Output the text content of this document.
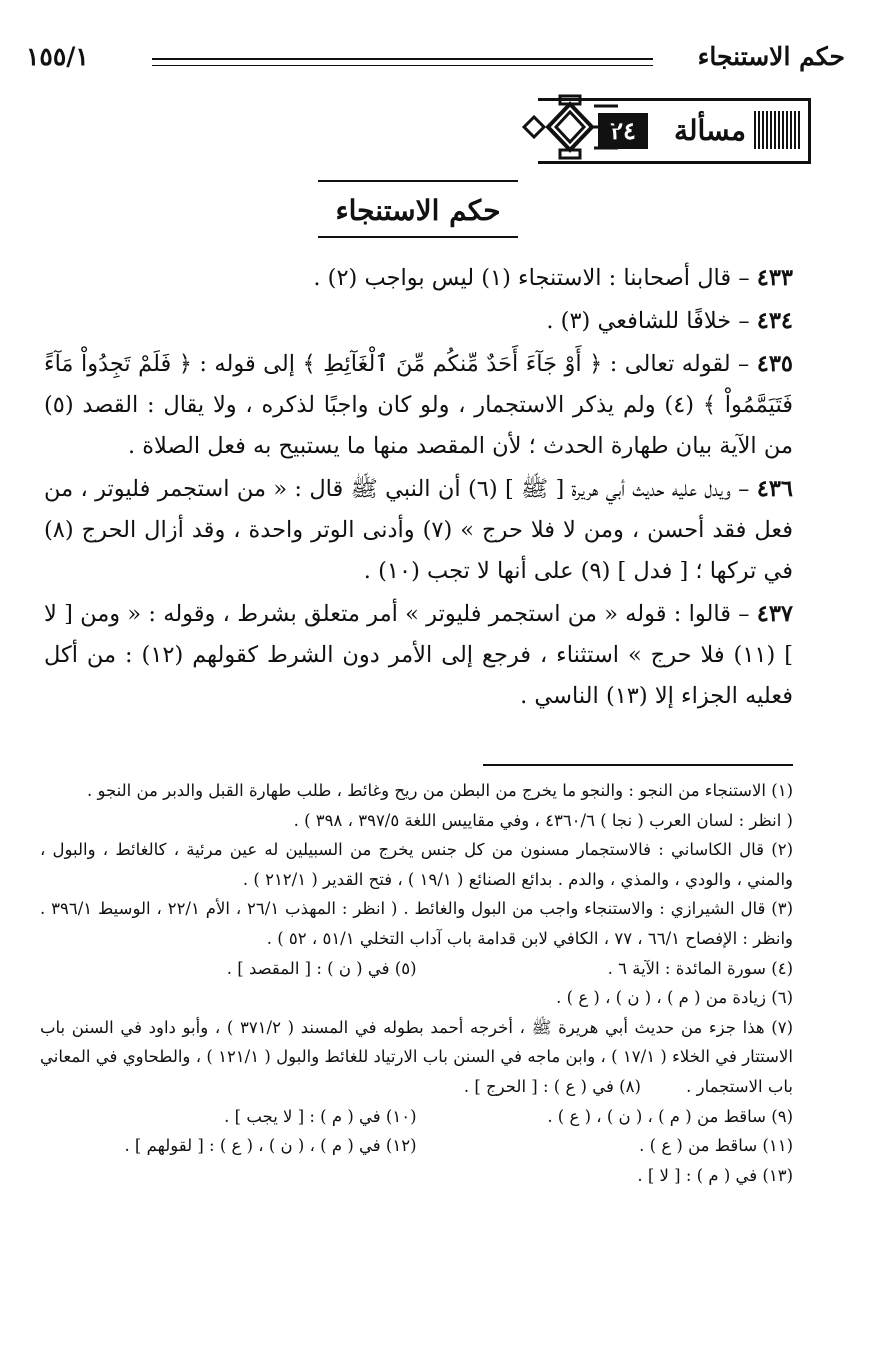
حكم الاستنجاء
١٥٥/١
مسألة
٢٤
حكم الاستنجاء

٤٣٣ – قال أصحابنا : الاستنجاء (١) ليس بواجب (٢) .

٤٣٤ – خلافًا للشافعي (٣) .

٤٣٥ – لقوله تعالى : ﴿ أَوْ جَآءَ أَحَدٌ مِّنكُم مِّنَ ٱلْغَآئِطِ ﴾ إلى قوله : ﴿ فَلَمْ تَجِدُواْ مَآءً فَتَيَمَّمُواْ ﴾ (٤) ولم يذكر الاستجمار ، ولو كان واجبًا لذكره ، ولا يقال : القصد (٥) من الآية بيان طهارة الحدث ؛ لأن المقصد منها ما يستبيح به فعل الصلاة .

٤٣٦ – ويدل عليه حديث أبي هريرة [ ﷺ ] (٦) أن النبي ﷺ قال : « من استجمر فليوتر ، من فعل فقد أحسن ، ومن لا فلا حرج » (٧) وأدنى الوتر واحدة ، وقد أزال الحرج (٨) في تركها ؛ [ فدل ] (٩) على أنها لا تجب (١٠) .

٤٣٧ – قالوا : قوله « من استجمر فليوتر » أمر متعلق بشرط ، وقوله : « ومن [ لا ] (١١) فلا حرج » استثناء ، فرجع إلى الأمر دون الشرط كقولهم (١٢) : من أكل فعليه الجزاء إلا (١٣) الناسي .

(١) الاستنجاء من النجو : والنجو ما يخرج من البطن من ريح وغائط ، طلب طهارة القبل والدبر من النجو .

( انظر : لسان العرب ( نجا ) ٤٣٦٠/٦ ، وفي مقاييس اللغة ٣٩٧/٥ ، ٣٩٨ ) .

(٢) قال الكاساني : فالاستجمار مسنون من كل جنس يخرج من السبيلين له عين مرئية ، كالغائط ، والبول ، والمني ، والودي ، والمذي ، والدم . بدائع الصنائع ( ١٩/١ ) ، فتح القدير ( ٢١٢/١ ) .

(٣) قال الشيرازي : والاستنجاء واجب من البول والغائط . ( انظر : المهذب ٢٦/١ ، الأم ٢٢/١ ، الوسيط ٣٩٦/١ . وانظر : الإفصاح ٦٦/١ ، ٧٧ ، الكافي لابن قدامة باب آداب التخلي ٥١/١ ، ٥٢ ) .

(٤) سورة المائدة : الآية ٦ .
(٥) في ( ن ) : [ المقصد ] .

(٦) زيادة من ( م ) ، ( ن ) ، ( ع ) .

(٧) هذا جزء من حديث أبي هريرة ﷺ ، أخرجه أحمد بطوله في المسند ( ٣٧١/٢ ) ، وأبو داود في السنن باب الاستتار في الخلاء ( ١٧/١ ) ، وابن ماجه في السنن باب الارتياد للغائط والبول ( ١٢١/١ ) ، والطحاوي في المعاني باب الاستجمار . (٨) في ( ع ) : [ الحرج ] .

(٩) ساقط من ( م ) ، ( ن ) ، ( ع ) .
(١٠) في ( م ) : [ لا يجب ] .
(١١) ساقط من ( ع ) .
(١٢) في ( م ) ، ( ن ) ، ( ع ) : [ لقولهم ] .

(١٣) في ( م ) : [ لا ] .
